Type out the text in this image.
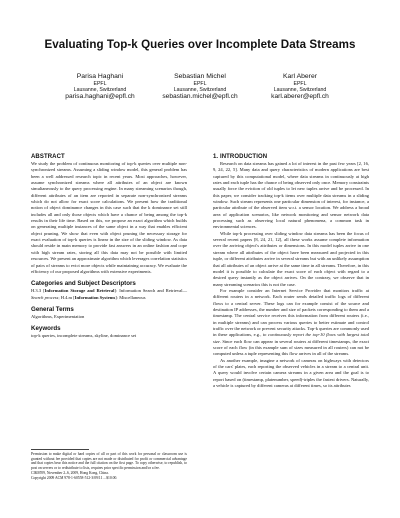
Evaluating Top-k Queries over Incomplete Data Streams
Parisa Haghani
EPFL
Lausanne, Switzerland
parisa.haghani@epfl.ch
Sebastian Michel
EPFL
Lausanne, Switzerland
sebastian.michel@epfl.ch
Karl Aberer
EPFL
Lausanne, Switzerland
karl.aberer@epfl.ch
ABSTRACT

We study the problem of continuous monitoring of top-k queries over multiple non-synchronized streams. Assuming a sliding window model, this general problem has been a well addressed research topic in recent years. Most approaches, however, assume synchronized streams where all attributes of an object are known simultaneously to the query processing engine. In many streaming scenarios though, different attributes of an item are reported in separate non-synchronized streams which do not allow for exact score calculations. We present how the traditional notion of object dominance changes in this case such that the k dominance set still includes all and only those objects which have a chance of being among the top-k results in their life time. Based on this, we propose an exact algorithm which builds on generating multiple instances of the same object in a way that enables efficient object pruning. We show that even with object pruning the necessary storage for exact evaluation of top-k queries is linear in the size of the sliding window. As data should reside in main memory to provide fast answers in an online fashion and cope with high stream rates, storing all this data may not be possible with limited resources. We present an approximate algorithm which leverages correlation statistics of pairs of streams to evict more objects while maintaining accuracy. We evaluate the efficiency of our proposed algorithms with extensive experiments.

Categories and Subject Descriptors

H.3.3 [Information Storage and Retrieval]: Information Search and Retrieval—Search process; H.4.m [Information Systems]: Miscellaneous

General Terms

Algorithms, Experimentation

Keywords

top-k queries, incomplete streams, skyline, dominance set

Permission to make digital or hard copies of all or part of this work for personal or classroom use is granted without fee provided that copies are not made or distributed for profit or commercial advantage and that copies bear this notice and the full citation on the first page. To copy otherwise, to republish, to post on servers or to redistribute to lists, requires prior specific permission and/or a fee.

CIKM'09, November 2–6, 2009, Hong Kong, China.

Copyright 2009 ACM 978-1-60558-512-3/09/11 ...$10.00.

1. INTRODUCTION

Research on data streams has gained a lot of interest in the past few years [2, 16, 9, 24, 22, 5]. Many data and query characteristics of modern applications are best captured by this computational model, where data streams in continuously at high rates and each tuple has the chance of being observed only once. Memory constraints usually force the eviction of old tuples to let new tuples arrive and be processed. In this paper, we consider tracking top-k items over multiple data streams in a sliding window. Such stream represents one particular dimension of interest, for instance, a particular attribute of the observed item w.r.t. a sensor location. We address a broad area of application scenarios, like network monitoring and sensor network data processing such as observing local natural phenomena, a common task in environmental sciences.

While top-k processing over sliding window data streams has been the focus of several recent papers [8, 24, 21, 12], all these works assume complete information over the arriving object's attributes or dimensions. In this model tuples arrive in one stream where all attributes of the object have been measured and projected in this tuple, or different attributes arrive in several streams but with an unlikely assumption that all attributes of an object arrive at the same time in all streams. Therefore, in this model it is possible to calculate the exact score of each object with regard to a desired query instantly as the object arrives. On the contrary, we observe that in many streaming scenarios this is not the case.

For example consider an Internet Service Provider that monitors traffic at different routers in a network. Each router sends detailed traffic logs of different flows to a central server. These logs can for example consist of the source and destination IP addresses, the number and size of packets corresponding to them and a timestamp. The central service receives this information from different routers (i.e., in multiple streams) and can process various queries to better estimate and control traffic over the network or prevent security attacks. Top-k queries are commonly used in these applications, e.g., to continuously report the top-10 flows with largest total size. Since each flow can appear in several routers at different timestamps, the exact score of each flow (in this example sum of sizes measured in all routers) can not be computed unless a tuple representing this flow arrives in all of the streams.

As another example, imagine a network of cameras on highways with detectors of the cars' plates, each reporting the observed vehicles in a stream to a central unit. A query would involve certain camera streams in a given area and the goal is to report based on (timestamp, platenumber, speed)-triples the fastest drivers. Naturally, a vehicle is captured by different cameras at different times, so its attributes
